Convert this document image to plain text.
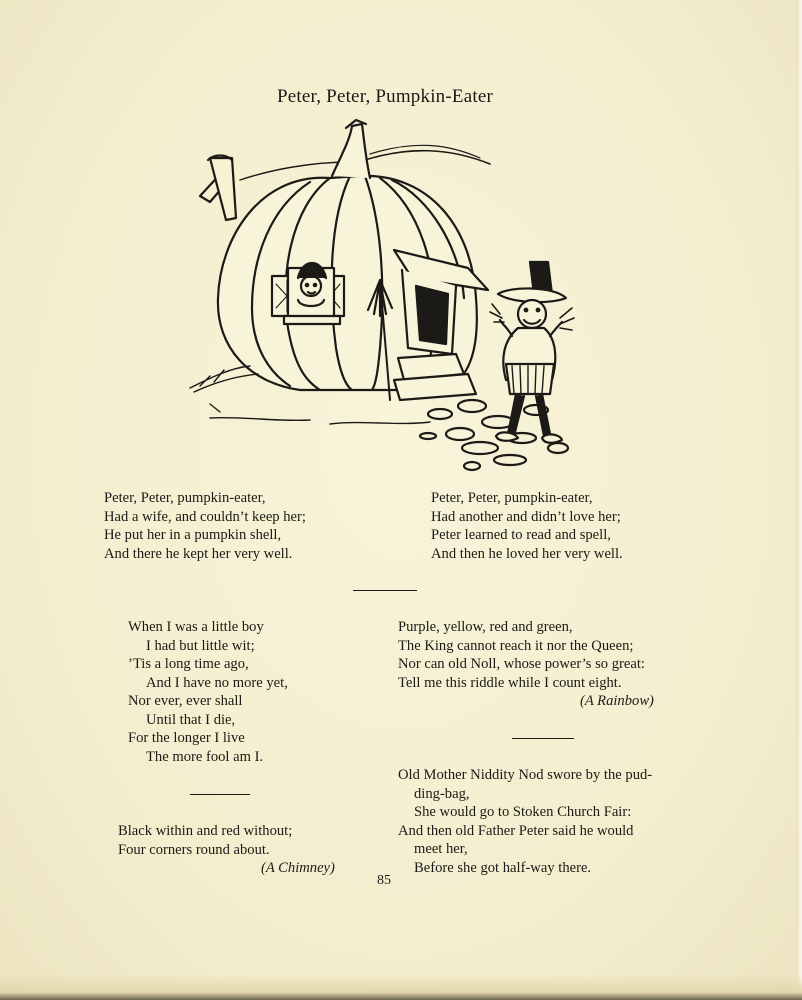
Peter, Peter, Pumpkin-Eater
Peter, Peter, pumpkin-eater,
Had a wife, and couldn’t keep her;
He put her in a pumpkin shell,
And there he kept her very well.
Peter, Peter, pumpkin-eater,
Had another and didn’t love her;
Peter learned to read and spell,
And then he loved her very well.
When I was a little boy
I had but little wit;
’Tis a long time ago,
And I have no more yet,
Nor ever, ever shall
Until that I die,
For the longer I live
The more fool am I.
Black within and red without;
Four corners round about.
(A Chimney)
Purple, yellow, red and green,
The King cannot reach it nor the Queen;
Nor can old Noll, whose power’s so great:
Tell me this riddle while I count eight.
(A Rainbow)
Old Mother Niddity Nod swore by the pud-
ding-bag,
She would go to Stoken Church Fair:
And then old Father Peter said he would
meet her,
Before she got half-way there.
85
